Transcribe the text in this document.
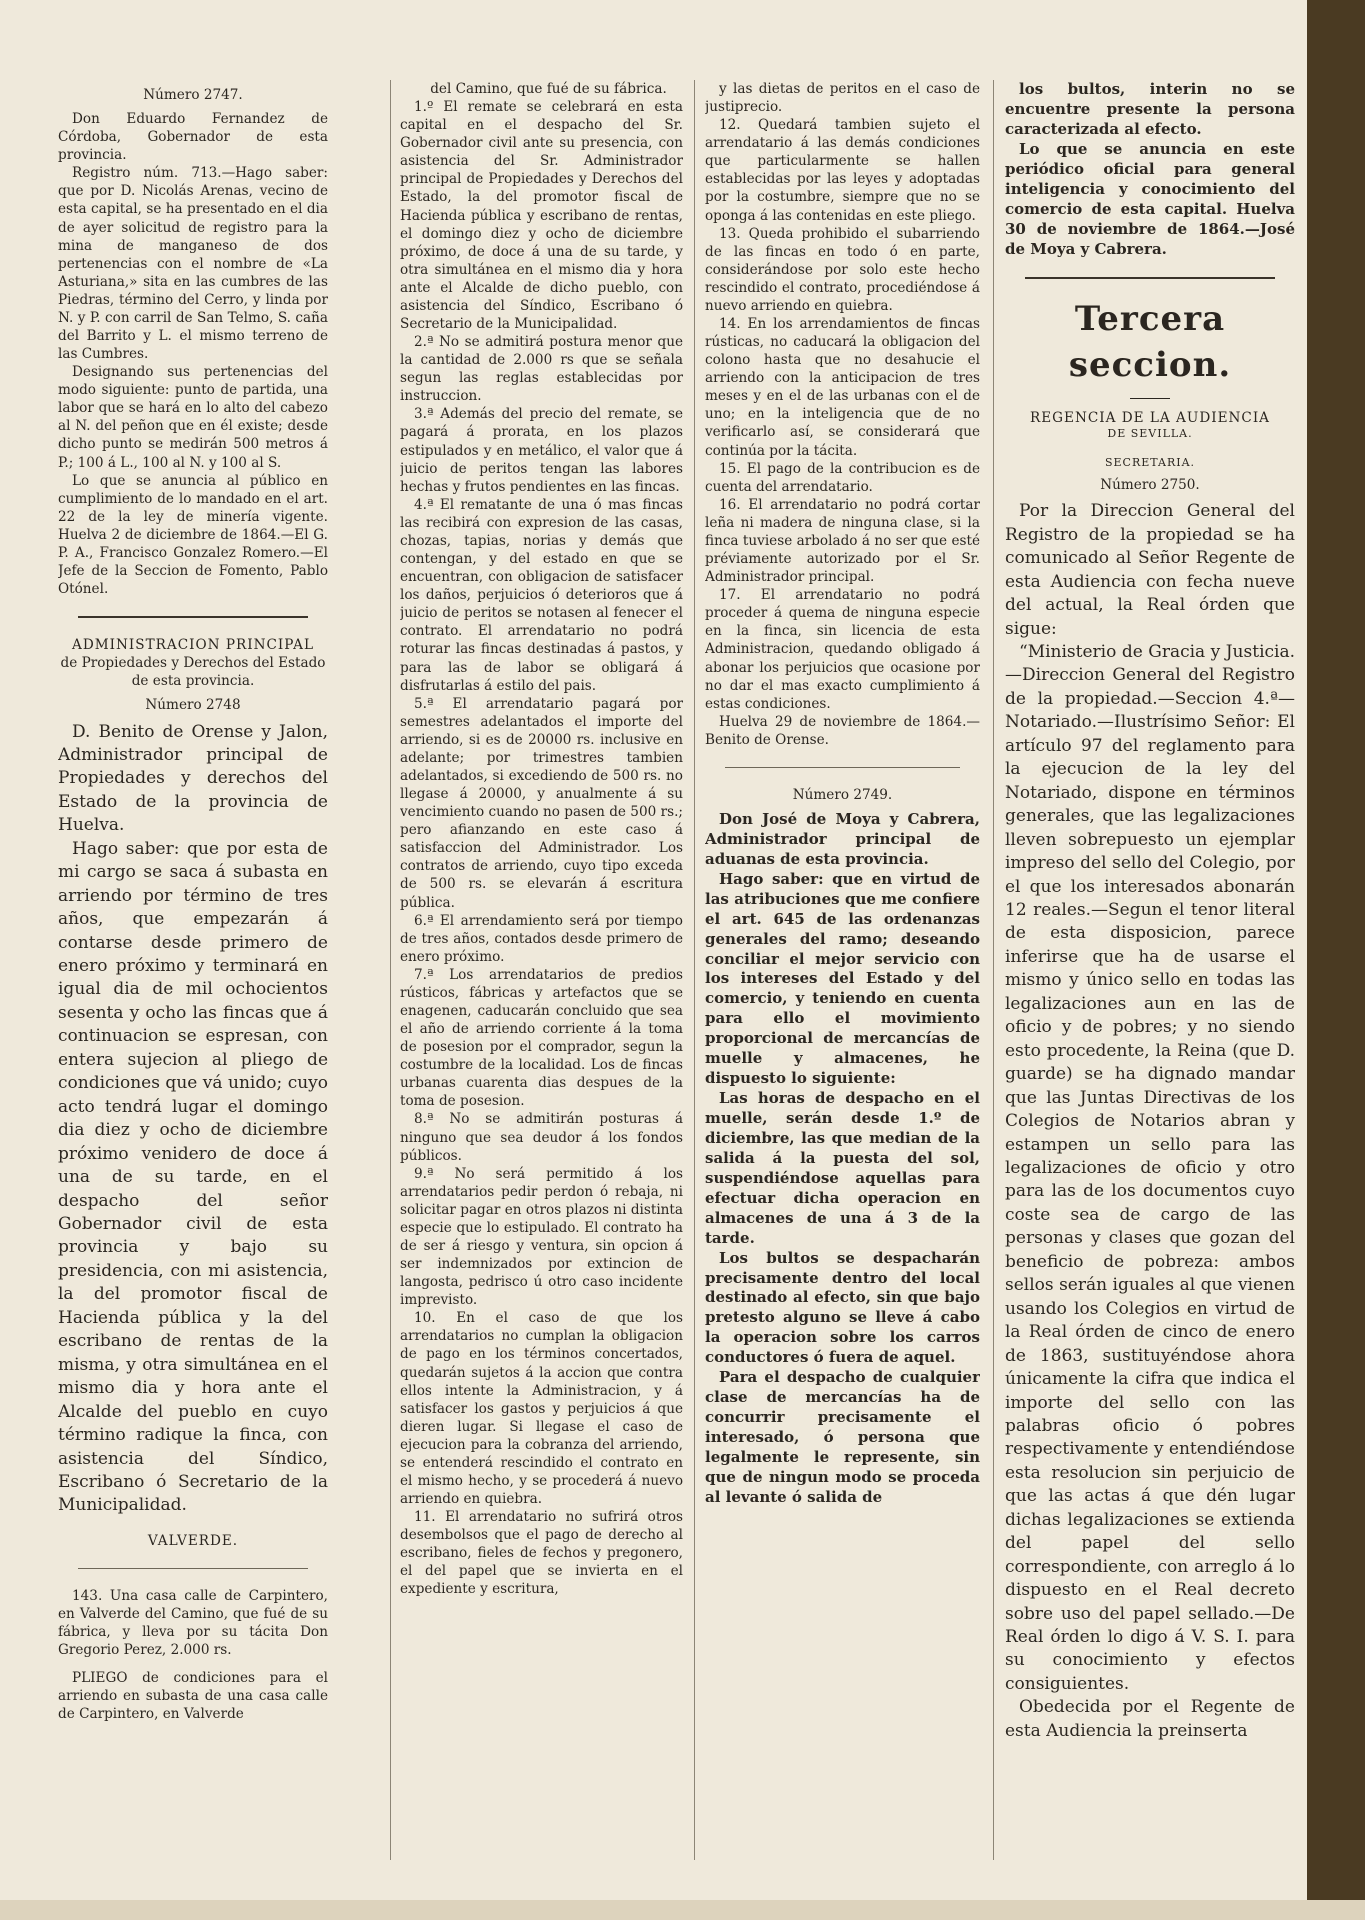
Número 2747.

Don Eduardo Fernandez de Córdoba, Gobernador de esta provincia.

Registro núm. 713.—Hago saber: que por D. Nicolás Arenas, vecino de esta capital, se ha presentado en el dia de ayer solicitud de registro para la mina de manganeso de dos pertenencias con el nombre de «La Asturiana,» sita en las cumbres de las Piedras, término del Cerro, y linda por N. y P. con carril de San Telmo, S. caña del Barrito y L. el mismo terreno de las Cumbres.

Designando sus pertenencias del modo siguiente: punto de partida, una labor que se hará en lo alto del cabezo al N. del peñon que en él existe; desde dicho punto se medirán 500 metros á P.; 100 á L., 100 al N. y 100 al S.

Lo que se anuncia al público en cumplimiento de lo mandado en el art. 22 de la ley de minería vigente. Huelva 2 de diciembre de 1864.—El G. P. A., Francisco Gonzalez Romero.—El Jefe de la Seccion de Fomento, Pablo Otónel.

ADMINISTRACION PRINCIPAL
de Propiedades y Derechos del Estado de esta provincia.
Número 2748

D. Benito de Orense y Jalon, Administrador principal de Propiedades y derechos del Estado de la provincia de Huelva.

Hago saber: que por esta de mi cargo se saca á subasta en arriendo por término de tres años, que empezarán á contarse desde primero de enero próximo y terminará en igual dia de mil ochocientos sesenta y ocho las fincas que á continuacion se espresan, con entera sujecion al pliego de condiciones que vá unido; cuyo acto tendrá lugar el domingo dia diez y ocho de diciembre próximo venidero de doce á una de su tarde, en el despacho del señor Gobernador civil de esta provincia y bajo su presidencia, con mi asistencia, la del promotor fiscal de Hacienda pública y la del escribano de rentas de la misma, y otra simultánea en el mismo dia y hora ante el Alcalde del pueblo en cuyo término radique la finca, con asistencia del Síndico, Escribano ó Secretario de la Municipalidad.

VALVERDE.

143. Una casa calle de Carpintero, en Valverde del Camino, que fué de su fábrica, y lleva por su tácita Don Gregorio Perez, 2.000 rs.

PLIEGO de condiciones para el arriendo en subasta de una casa calle de Carpintero, en Valverde

del Camino, que fué de su fábrica.

1.º El remate se celebrará en esta capital en el despacho del Sr. Gobernador civil ante su presencia, con asistencia del Sr. Administrador principal de Propiedades y Derechos del Estado, la del promotor fiscal de Hacienda pública y escribano de rentas, el domingo diez y ocho de diciembre próximo, de doce á una de su tarde, y otra simultánea en el mismo dia y hora ante el Alcalde de dicho pueblo, con asistencia del Síndico, Escribano ó Secretario de la Municipalidad.

2.ª No se admitirá postura menor que la cantidad de 2.000 rs que se señala segun las reglas establecidas por instruccion.

3.ª Además del precio del remate, se pagará á prorata, en los plazos estipulados y en metálico, el valor que á juicio de peritos tengan las labores hechas y frutos pendientes en las fincas.

4.ª El rematante de una ó mas fincas las recibirá con expresion de las casas, chozas, tapias, norias y demás que contengan, y del estado en que se encuentran, con obligacion de satisfacer los daños, perjuicios ó deterioros que á juicio de peritos se notasen al fenecer el contrato. El arrendatario no podrá roturar las fincas destinadas á pastos, y para las de labor se obligará á disfrutarlas á estilo del pais.

5.ª El arrendatario pagará por semestres adelantados el importe del arriendo, si es de 20000 rs. inclusive en adelante; por trimestres tambien adelantados, si excediendo de 500 rs. no llegase á 20000, y anualmente á su vencimiento cuando no pasen de 500 rs.; pero afianzando en este caso á satisfaccion del Administrador. Los contratos de arriendo, cuyo tipo exceda de 500 rs. se elevarán á escritura pública.

6.ª El arrendamiento será por tiempo de tres años, contados desde primero de enero próximo.

7.ª Los arrendatarios de predios rústicos, fábricas y artefactos que se enagenen, caducarán concluido que sea el año de arriendo corriente á la toma de posesion por el comprador, segun la costumbre de la localidad. Los de fincas urbanas cuarenta dias despues de la toma de posesion.

8.ª No se admitirán posturas á ninguno que sea deudor á los fondos públicos.

9.ª No será permitido á los arrendatarios pedir perdon ó rebaja, ni solicitar pagar en otros plazos ni distinta especie que lo estipulado. El contrato ha de ser á riesgo y ventura, sin opcion á ser indemnizados por extincion de langosta, pedrisco ú otro caso incidente imprevisto.

10. En el caso de que los arrendatarios no cumplan la obligacion de pago en los términos concertados, quedarán sujetos á la accion que contra ellos intente la Administracion, y á satisfacer los gastos y perjuicios á que dieren lugar. Si llegase el caso de ejecucion para la cobranza del arriendo, se entenderá rescindido el contrato en el mismo hecho, y se procederá á nuevo arriendo en quiebra.

11. El arrendatario no sufrirá otros desembolsos que el pago de derecho al escribano, fieles de fechos y pregonero, el del papel que se invierta en el expediente y escritura,

y las dietas de peritos en el caso de justiprecio.

12. Quedará tambien sujeto el arrendatario á las demás condiciones que particularmente se hallen establecidas por las leyes y adoptadas por la costumbre, siempre que no se oponga á las contenidas en este pliego.

13. Queda prohibido el subarriendo de las fincas en todo ó en parte, considerándose por solo este hecho rescindido el contrato, procediéndose á nuevo arriendo en quiebra.

14. En los arrendamientos de fincas rústicas, no caducará la obligacion del colono hasta que no desahucie el arriendo con la anticipacion de tres meses y en el de las urbanas con el de uno; en la inteligencia que de no verificarlo así, se considerará que continúa por la tácita.

15. El pago de la contribucion es de cuenta del arrendatario.

16. El arrendatario no podrá cortar leña ni madera de ninguna clase, si la finca tuviese arbolado á no ser que esté préviamente autorizado por el Sr. Administrador principal.

17. El arrendatario no podrá proceder á quema de ninguna especie en la finca, sin licencia de esta Administracion, quedando obligado á abonar los perjuicios que ocasione por no dar el mas exacto cumplimiento á estas condiciones.

Huelva 29 de noviembre de 1864.—Benito de Orense.

Número 2749.

Don José de Moya y Cabrera, Administrador principal de aduanas de esta provincia.

Hago saber: que en virtud de las atribuciones que me confiere el art. 645 de las ordenanzas generales del ramo; deseando conciliar el mejor servicio con los intereses del Estado y del comercio, y teniendo en cuenta para ello el movimiento proporcional de mercancías de muelle y almacenes, he dispuesto lo siguiente:

Las horas de despacho en el muelle, serán desde 1.º de diciembre, las que median de la salida á la puesta del sol, suspendiéndose aquellas para efectuar dicha operacion en almacenes de una á 3 de la tarde.

Los bultos se despacharán precisamente dentro del local destinado al efecto, sin que bajo pretesto alguno se lleve á cabo la operacion sobre los carros conductores ó fuera de aquel.

Para el despacho de cualquier clase de mercancías ha de concurrir precisamente el interesado, ó persona que legalmente le represente, sin que de ningun modo se proceda al levante ó salida de

los bultos, interin no se encuentre presente la persona caracterizada al efecto.

Lo que se anuncia en este periódico oficial para general inteligencia y conocimiento del comercio de esta capital. Huelva 30 de noviembre de 1864.—José de Moya y Cabrera.

Tercera seccion.
REGENCIA DE LA AUDIENCIA
DE SEVILLA.
SECRETARIA.
Número 2750.

Por la Direccion General del Registro de la propiedad se ha comunicado al Señor Regente de esta Audiencia con fecha nueve del actual, la Real órden que sigue:

“Ministerio de Gracia y Justicia.—Direccion General del Registro de la propiedad.—Seccion 4.ª—Notariado.—Ilustrísimo Señor: El artículo 97 del reglamento para la ejecucion de la ley del Notariado, dispone en términos generales, que las legalizaciones lleven sobrepuesto un ejemplar impreso del sello del Colegio, por el que los interesados abonarán 12 reales.—Segun el tenor literal de esta disposicion, parece inferirse que ha de usarse el mismo y único sello en todas las legalizaciones aun en las de oficio y de pobres; y no siendo esto procedente, la Reina (que D. guarde) se ha dignado mandar que las Juntas Directivas de los Colegios de Notarios abran y estampen un sello para las legalizaciones de oficio y otro para las de los documentos cuyo coste sea de cargo de las personas y clases que gozan del beneficio de pobreza: ambos sellos serán iguales al que vienen usando los Colegios en virtud de la Real órden de cinco de enero de 1863, sustituyéndose ahora únicamente la cifra que indica el importe del sello con las palabras oficio ó pobres respectivamente y entendiéndose esta resolucion sin perjuicio de que las actas á que dén lugar dichas legalizaciones se extienda del papel del sello correspondiente, con arreglo á lo dispuesto en el Real decreto sobre uso del papel sellado.—De Real órden lo digo á V. S. I. para su conocimiento y efectos consiguientes.

Obedecida por el Regente de esta Audiencia la preinserta
